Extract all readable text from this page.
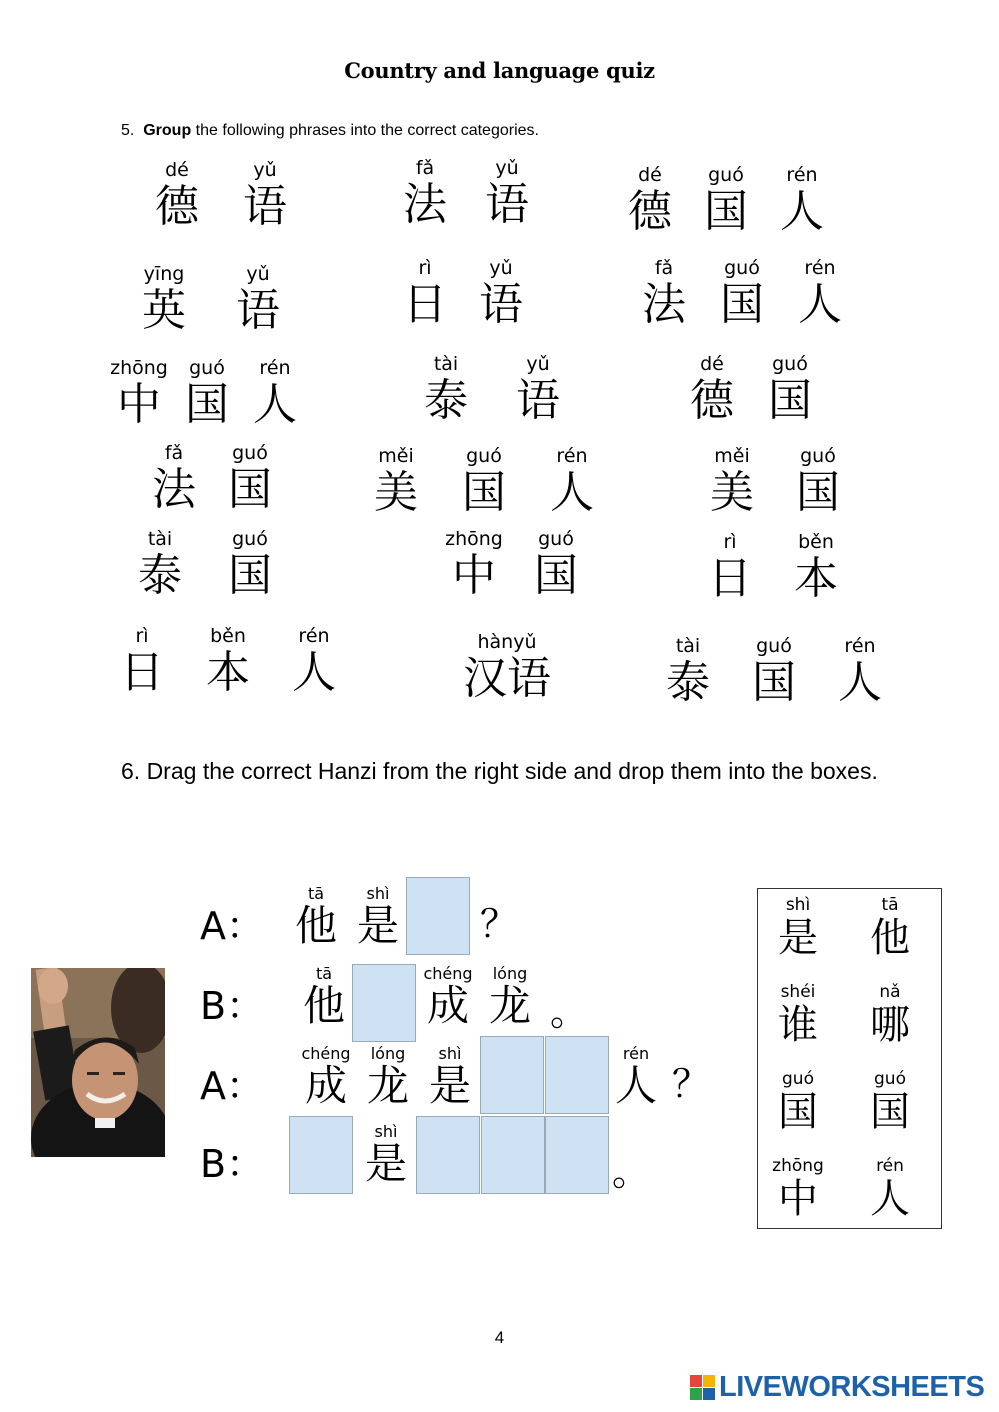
Country and language quiz
5. Group the following phrases into the correct categories.
dé
德
yǔ
语
fǎ
法
yǔ
语
dé
德
guó
国
rén
人
yīng
英
yǔ
语
rì
日
yǔ
语
fǎ
法
guó
国
rén
人
zhōng
中
guó
国
rén
人
tài
泰
yǔ
语
dé
德
guó
国
fǎ
法
guó
国
měi
美
guó
国
rén
人
měi
美
guó
国
tài
泰
guó
国
zhōng
中
guó
国
rì
日
běn
本
rì
日
běn
本
rén
人
hànyǔ
汉语
tài
泰
guó
国
rén
人
6. Drag the correct Hanzi from the right side and drop them into the boxes.
A：
tā
他
shì
是 ？
B：
tā
他
chéng
成
lóng
龙 。
A：
chéng
成
lóng
龙
shì
是
rén
人 ？
B：
shì
是	。
shì
是
tā
他
shéi
谁
nǎ
哪
guó
国
guó
国
zhōng
中
rén
人
4
LIVEWORKSHEETS
